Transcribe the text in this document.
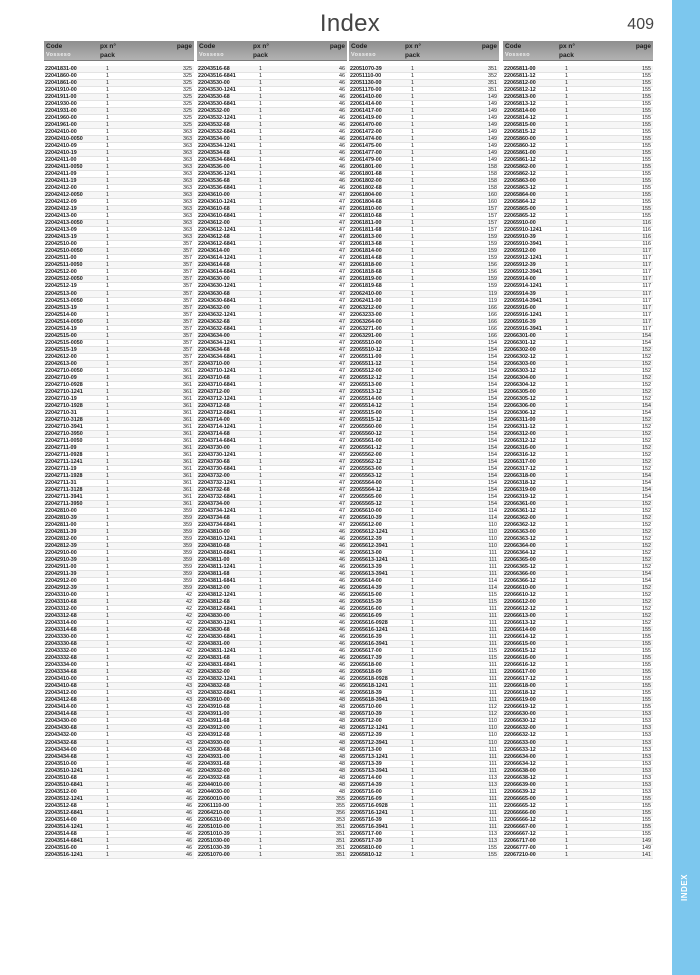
Index	409
Code
Vosseso
px n°
pack
page
22041831-00	1	325
22041860-00	1	325
22041861-00	1	325
22041910-00	1	325
22041911-00	1	325
22041930-00	1	325
22041931-00	1	325
22041960-00	1	325
22041961-00	1	325
22042410-00	1	363
22042410-0050	1	363
22042410-09	1	363
22042410-19	1	363
22042411-00	1	363
22042411-0050	1	363
22042411-09	1	363
22042411-19	1	363
22042412-00	1	363
22042412-0050	1	363
22042412-09	1	363
22042412-19	1	363
22042413-00	1	363
22042413-0050	1	363
22042413-09	1	363
22042413-19	1	363
22042510-00	1	357
22042510-0050	1	357
22042511-00	1	357
22042511-0050	1	357
22042512-00	1	357
22042512-0050	1	357
22042512-19	1	357
22042513-00	1	357
22042513-0050	1	357
22042513-19	1	357
22042514-00	1	357
22042514-0050	1	357
22042514-19	1	357
22042515-00	1	357
22042515-0050	1	357
22042515-19	1	357
22042612-00	1	357
22042613-00	1	357
22042710-0050	1	361
22042710-09	1	361
22042710-0928	1	361
22042710-1241	1	361
22042710-19	1	361
22042710-1928	1	361
22042710-31	1	361
22042710-3128	1	361
22042710-3941	1	361
22042710-3950	1	361
22042711-0050	1	361
22042711-09	1	361
22042711-0928	1	361
22042711-1241	1	361
22042711-19	1	361
22042711-1928	1	361
22042711-31	1	361
22042711-3128	1	361
22042711-3941	1	361
22042711-3950	1	361
22042810-00	1	359
22042810-39	1	359
22042811-00	1	359
22042811-39	1	359
22042812-00	1	359
22042812-39	1	359
22042910-00	1	359
22042910-39	1	359
22042911-00	1	359
22042911-39	1	359
22042912-00	1	359
22042912-39	1	359
22043310-00	1	42
22043310-68	1	42
22043312-00	1	42
22043312-68	1	42
22043314-00	1	42
22043314-68	1	42
22043330-00	1	42
22043330-68	1	42
22043332-00	1	42
22043332-68	1	42
22043334-00	1	42
22043334-68	1	42
22043410-00	1	43
22043410-68	1	43
22043412-00	1	43
22043412-68	1	43
22043414-00	1	43
22043414-68	1	43
22043430-00	1	43
22043430-68	1	43
22043432-00	1	43
22043432-68	1	43
22043434-00	1	43
22043434-68	1	43
22043510-00	1	46
22043510-1241	1	46
22043510-68	1	46
22043510-6841	1	46
22043512-00	1	46
22043512-1241	1	46
22043512-68	1	46
22043512-6841	1	46
22043514-00	1	46
22043514-1241	1	46
22043514-68	1	46
22043514-6841	1	46
22043516-00	1	46
22043516-1241	1	46
Code
Vosseso
px n°
pack
page
22043516-68	1	46
22043516-6841	1	46
22043530-00	1	46
22043530-1241	1	46
22043530-68	1	46
22043530-6841	1	46
22043532-00	1	46
22043532-1241	1	46
22043532-68	1	46
22043532-6841	1	46
22043534-00	1	46
22043534-1241	1	46
22043534-68	1	46
22043534-6841	1	46
22043536-00	1	46
22043536-1241	1	46
22043536-68	1	46
22043536-6841	1	46
22043610-00	1	47
22043610-1241	1	47
22043610-68	1	47
22043610-6841	1	47
22043612-00	1	47
22043612-1241	1	47
22043612-68	1	47
22043612-6841	1	47
22043614-00	1	47
22043614-1241	1	47
22043614-68	1	47
22043614-6841	1	47
22043630-00	1	47
22043630-1241	1	47
22043630-68	1	47
22043630-6841	1	47
22043632-00	1	47
22043632-1241	1	47
22043632-68	1	47
22043632-6841	1	47
22043634-00	1	47
22043634-1241	1	47
22043634-68	1	47
22043634-6841	1	47
22043710-00	1	47
22043710-1241	1	47
22043710-68	1	47
22043710-6841	1	47
22043712-00	1	47
22043712-1241	1	47
22043712-68	1	47
22043712-6841	1	47
22043714-00	1	47
22043714-1241	1	47
22043714-68	1	47
22043714-6841	1	47
22043730-00	1	47
22043730-1241	1	47
22043730-68	1	47
22043730-6841	1	47
22043732-00	1	47
22043732-1241	1	47
22043732-68	1	47
22043732-6841	1	47
22043734-00	1	47
22043734-1241	1	47
22043734-68	1	47
22043734-6841	1	47
22043810-00	1	46
22043810-1241	1	46
22043810-68	1	46
22043810-6841	1	46
22043811-00	1	46
22043811-1241	1	46
22043811-68	1	46
22043811-6841	1	46
22043812-00	1	46
22043812-1241	1	46
22043812-68	1	46
22043812-6841	1	46
22043830-00	1	46
22043830-1241	1	46
22043830-68	1	46
22043830-6841	1	46
22043831-00	1	46
22043831-1241	1	46
22043831-68	1	46
22043831-6841	1	46
22043832-00	1	46
22043832-1241	1	46
22043832-68	1	46
22043832-6841	1	46
22043910-00	1	48
22043910-68	1	48
22043911-00	1	48
22043911-68	1	48
22043912-00	1	48
22043912-68	1	48
22043930-00	1	48
22043930-68	1	48
22043931-00	1	48
22043931-68	1	48
22043932-00	1	48
22043932-68	1	48
22044010-00	1	48
22044030-00	1	48
22060010-00	1	355
22061110-00	1	355
22064210-00	1	356
22066310-00	1	353
22051010-00	1	351
22051010-39	1	351
22051030-00	1	351
22051030-39	1	351
22051070-00	1	351
Code
Vosseso
px n°
pack
page
22051070-39	1	351
22051110-00	1	352
22051130-00	1	351
22051170-00	1	351
22061410-00	1	149
22061414-00	1	149
22061417-00	1	149
22061419-00	1	149
22061470-00	1	149
22061472-00	1	149
22061474-00	1	149
22061475-00	1	149
22061477-00	1	149
22061479-00	1	149
22061801-00	1	158
22061801-68	1	158
22061802-00	1	158
22061802-68	1	158
22061804-00	1	160
22061804-68	1	160
22061810-00	1	157
22061810-68	1	157
22061811-00	1	157
22061811-68	1	157
22061813-00	1	159
22061813-68	1	159
22061814-00	1	159
22061814-68	1	159
22061818-00	1	156
22061818-68	1	156
22061819-00	1	159
22061819-68	1	159
22062410-00	1	119
22062411-00	1	119
22063212-00	1	166
22063233-00	1	166
22063264-00	1	166
22063271-00	1	166
22063291-00	1	166
22065510-00	1	154
22065510-12	1	154
22065511-00	1	154
22065511-12	1	154
22065512-00	1	154
22065512-12	1	154
22065513-00	1	154
22065513-12	1	154
22065514-00	1	154
22065514-12	1	154
22065515-00	1	154
22065515-12	1	154
22065560-00	1	154
22065560-12	1	154
22065561-00	1	154
22065561-12	1	154
22065562-00	1	154
22065562-12	1	154
22065563-00	1	154
22065563-12	1	154
22065564-00	1	154
22065564-12	1	154
22065565-00	1	154
22065565-12	1	154
22065610-00	1	114
22065610-39	1	114
22065612-00	1	110
22065612-1241	1	110
22065612-39	1	110
22065612-3941	1	110
22065613-00	1	111
22065613-1241	1	111
22065613-39	1	111
22065613-3941	1	111
22065614-00	1	114
22065614-39	1	114
22065615-00	1	115
22065615-39	1	115
22065616-00	1	111
22065616-09	1	111
22065616-0928	1	111
22065616-1241	1	111
22065616-39	1	111
22065616-3941	1	111
22065617-00	1	115
22065617-39	1	115
22065618-00	1	111
22065618-09	1	111
22065618-0928	1	111
22065618-1241	1	111
22065618-39	1	111
22065618-3941	1	111
22065710-00	1	112
22065710-39	1	112
22065712-00	1	110
22065712-1241	1	110
22065712-39	1	110
22065712-3941	1	110
22065713-00	1	111
22065713-1241	1	111
22065713-39	1	111
22065713-3941	1	111
22065714-00	1	113
22065714-39	1	113
22065716-00	1	111
22065716-09	1	111
22065716-0928	1	111
22065716-1241	1	111
22065716-39	1	111
22065716-3941	1	111
22065717-00	1	113
22065717-39	1	113
22065810-00	1	155
22065810-12	1	155
Code
Vosseso
px n°
pack
page
22065811-00	1	155
22065811-12	1	155
22065812-00	1	155
22065812-12	1	155
22065813-00	1	155
22065813-12	1	155
22065814-00	1	155
22065814-12	1	155
22065815-00	1	155
22065815-12	1	155
22065860-00	1	155
22065860-12	1	155
22065861-00	1	155
22065861-12	1	155
22065862-00	1	155
22065862-12	1	155
22065863-00	1	155
22065863-12	1	155
22065864-00	1	155
22065864-12	1	155
22065865-00	1	155
22065865-12	1	155
22065910-00	1	116
22065910-1241	1	116
22065910-39	1	116
22065910-3941	1	116
22065912-00	1	117
22065912-1241	1	117
22065912-39	1	117
22065912-3941	1	117
22065914-00	1	117
22065914-1241	1	117
22065914-39	1	117
22065914-3941	1	117
22065916-00	1	117
22065916-1241	1	117
22065916-39	1	117
22065916-3941	1	117
22066301-00	1	154
22066301-12	1	154
22066302-00	1	152
22066302-12	1	152
22066303-00	1	152
22066303-12	1	152
22066304-00	1	152
22066304-12	1	152
22066305-00	1	152
22066305-12	1	152
22066306-00	1	154
22066306-12	1	154
22066311-00	1	152
22066311-12	1	152
22066312-00	1	152
22066312-12	1	152
22066316-00	1	152
22066316-12	1	152
22066317-00	1	152
22066317-12	1	152
22066318-00	1	154
22066318-12	1	154
22066319-00	1	154
22066319-12	1	154
22066361-00	1	152
22066361-12	1	152
22066362-00	1	152
22066362-12	1	152
22066363-00	1	152
22066363-12	1	152
22066364-00	1	152
22066364-12	1	152
22066365-00	1	152
22066365-12	1	152
22066366-00	1	154
22066366-12	1	154
22066610-00	1	152
22066610-12	1	152
22066612-00	1	152
22066612-12	1	152
22066613-00	1	152
22066613-12	1	152
22066614-00	1	155
22066614-12	1	155
22066615-00	1	155
22066615-12	1	155
22066616-00	1	155
22066616-12	1	155
22066617-00	1	155
22066617-12	1	155
22066618-00	1	155
22066618-12	1	155
22066619-00	1	155
22066619-12	1	155
22066630-00	1	153
22066630-12	1	153
22066632-00	1	153
22066632-12	1	153
22066633-00	1	153
22066633-12	1	153
22066634-00	1	153
22066634-12	1	153
22066638-00	1	153
22066638-12	1	153
22066639-00	1	153
22066639-12	1	153
22066665-00	1	155
22066665-12	1	155
22066666-00	1	155
22066666-12	1	155
22066667-00	1	155
22066667-12	1	155
22066717-00	1	149
22066777-00	1	149
22067210-00	1	141
INDEX
